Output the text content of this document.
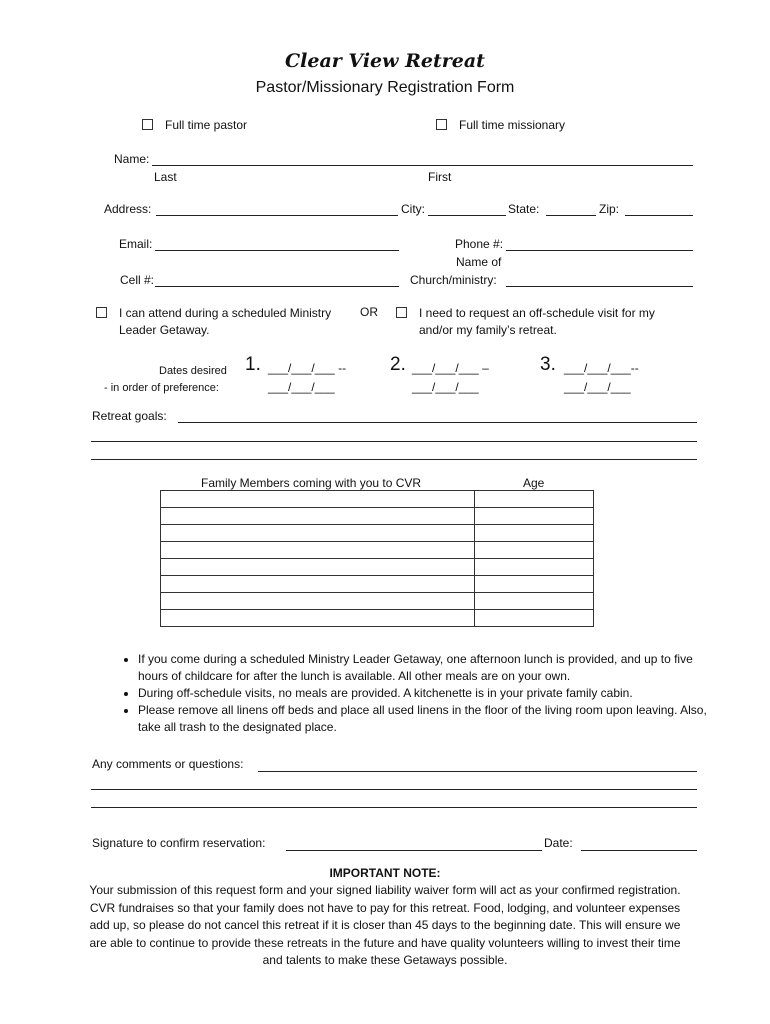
Clear View Retreat
Pastor/Missionary Registration Form
Full time pastor	Full time missionary
Name:
Last	First
Address:	City:	State:	Zip:
Email:	Phone #:
Name of
Cell #:	Church/ministry:
I can attend during a scheduled Ministry
Leader Getaway.
OR	I need to request an off-schedule visit for my
and/or my family’s retreat.
Dates desired
- in order of preference:
1. ___/___/___ --
___/___/___
2. ___/___/___ –
___/___/___
3. ___/___/___--
___/___/___
Retreat goals:
Family Members coming with you to CVR	Age

• If you come during a scheduled Ministry Leader Getaway, one afternoon lunch is provided, and up to five hours of childcare for after the lunch is available. All other meals are on your own.
• During off-schedule visits, no meals are provided. A kitchenette is in your private family cabin.
• Please remove all linens off beds and place all used linens in the floor of the living room upon leaving. Also, take all trash to the designated place.
Any comments or questions:
Signature to confirm reservation:	Date:
IMPORTANT NOTE:
Your submission of this request form and your signed liability waiver form will act as your confirmed registration. CVR fundraises so that your family does not have to pay for this retreat. Food, lodging, and volunteer expenses add up, so please do not cancel this retreat if it is closer than 45 days to the beginning date. This will ensure we are able to continue to provide these retreats in the future and have quality volunteers willing to invest their time and talents to make these Getaways possible.
